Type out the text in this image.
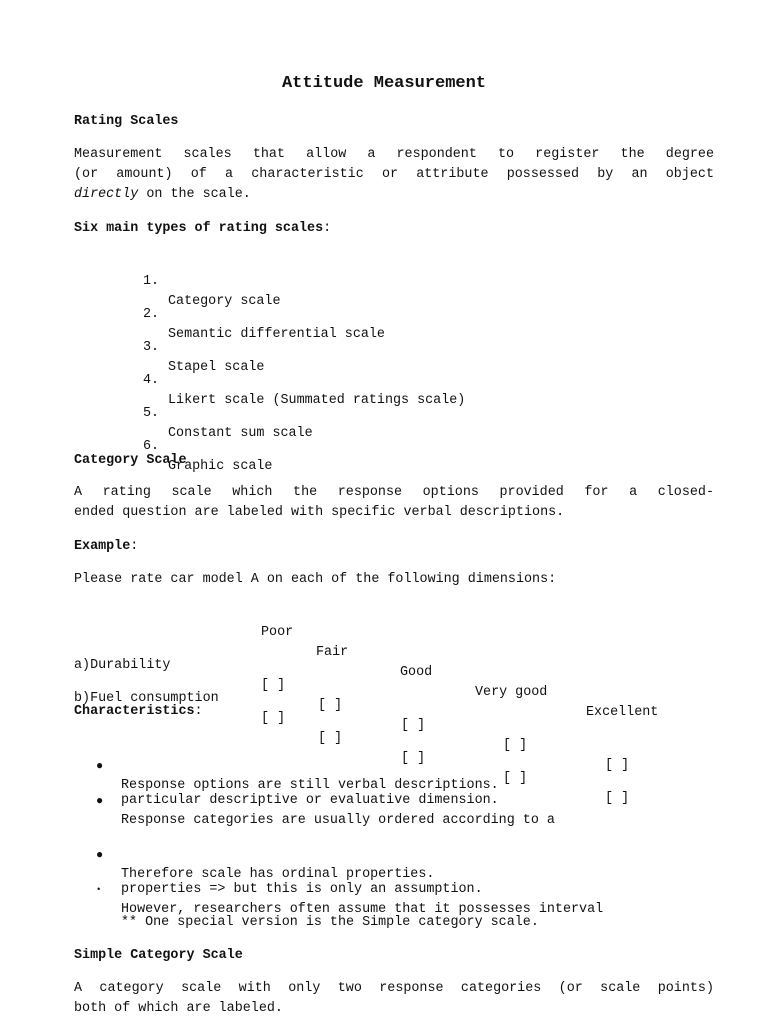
Attitude Measurement
Rating Scales
Measurement scales that allow a respondent to register the degree
(or amount) of a characteristic or attribute possessed by an object
directly on the scale.
Six main types of rating scales:

1.

Category scale

2.

Semantic differential scale

3.

Stapel scale

4.

Likert scale (Summated ratings scale)

5.

Constant sum scale

6.

Graphic scale

Category Scale
A rating scale which the response options provided for a closed-
ended question are labeled with specific verbal descriptions.
Example:
Please rate car model A on each of the following dimensions:

Poor

Fair

Good

Very good

Excellent

a)Durability

[ ]

[ ]

[ ]

[ ]

[ ]

b)Fuel consumption

[ ]

[ ]

[ ]

[ ]

[ ]

Characteristics:

●

Response options are still verbal descriptions.

●

Response categories are usually ordered according to a

particular descriptive or evaluative dimension.

●

Therefore scale has ordinal properties.

•

However, researchers often assume that it possesses interval

properties => but this is only an assumption.
** One special version is the Simple category scale.
Simple Category Scale
A category scale with only two response categories (or scale points)
both of which are labeled.
